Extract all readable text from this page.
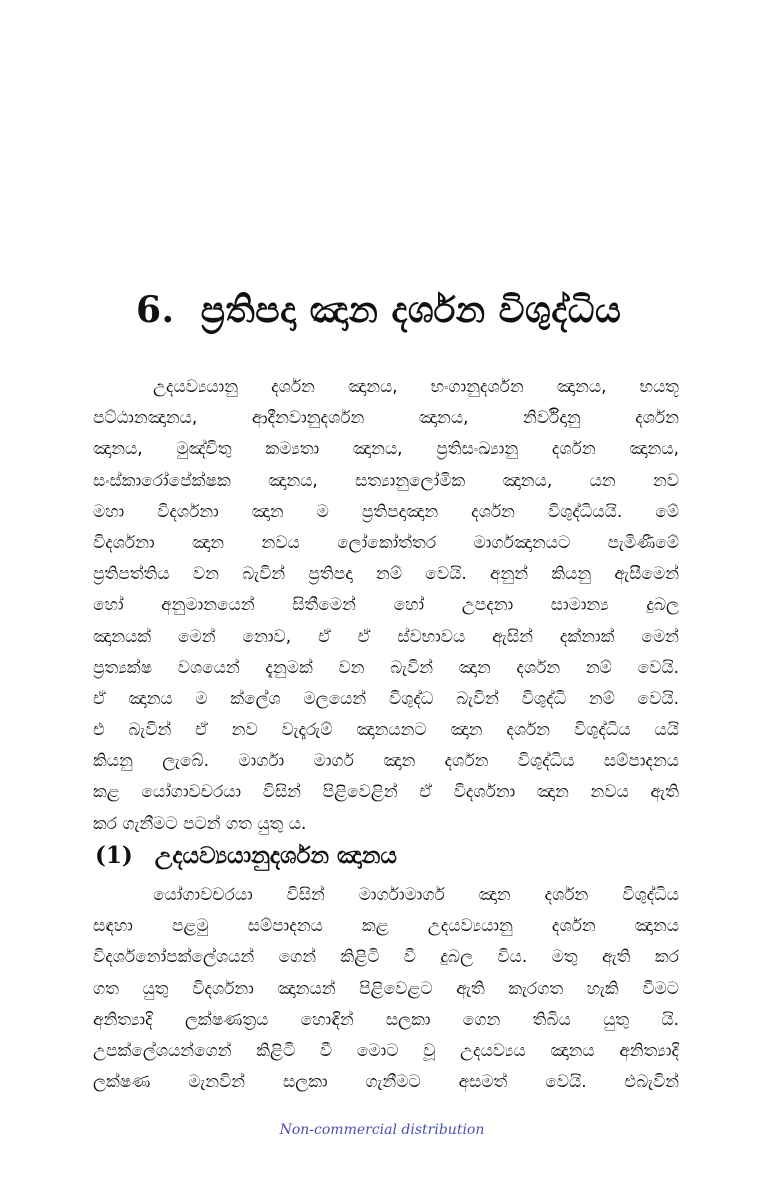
6. ප්‍රතිපදා ඤාන දර්ශන විශුද්ධිය
උදයව්‍යයානු දර්ශන ඤානය, භංගානුදර්ශන ඤානය, භයතූ
පට්ඨානඤානය, ආදීනවානුදර්ශන ඤානය, නිර්විදානු දර්ශන
ඤානය, මුඤ්චිතු කම්‍යතා ඤානය, ප්‍රතිසංඛ්‍යානු දර්ශන ඤානය,
සංස්කාරෝපේක්ෂක ඤානය, සත්‍යානුලෝමික ඤානය, යන නව
මහා විදර්ශනා ඤාන ම ප්‍රතිපදාඤාන දර්ශන විශුද්ධියයි. මේ
විදර්ශනා ඤාන නවය ලෝකෝත්තර මාර්ගඤානයට පැමිණීමේ
ප්‍රතිපත්තිය වන බැවින් ප්‍රතිපදා නම් වෙයි. අනුන් කියනු ඇසීමෙන්
හෝ අනුමානයෙන් සිතීමෙන් හෝ උපදනා සාමාන්‍ය දුබල
ඤානයක් මෙන් නොව, ඒ ඒ ස්වභාවය ඇසින් දක්නාක් මෙන්
ප්‍රත්‍යක්ෂ වශයෙන් දැනුමක් වන බැවින් ඤාන දර්ශන නම් වෙයි.
ඒ ඤානය ම ක්ලේශ මලයෙන් විශුද්ධ බැවින් විශුද්ධි නම් වෙයි.
එ බැවින් ඒ නව වැදෑරුම් ඤානයනට ඤාන දර්ශන විශුද්ධිය යයි
කියනු ලැබේ. මාර්ගා මාර්ග ඤාන දර්ශන විශුද්ධිය සම්පාදනය
කළ යෝගාවචරයා විසින් පිළිවෙළින් ඒ විදර්ශනා ඤාන නවය ඇති
කර ගැනීමට පටන් ගත යුතු ය.
(1) උදයව්‍යයානුදර්ශන ඤානය
යෝගාවචරයා විසින් මාර්ගාමාර්ග ඤාන දර්ශන විශුද්ධිය
සඳහා පළමු සම්පාදනය කළ උදයව්‍යයානු දර්ශන ඤානය
විදර්ශනෝපක්ලේශයන් ගෙන් කිළිටි වී දුබල විය. මතු ඇති කර
ගත යුතු විදර්ශනා ඤානයන් පිළිවෙළට ඇති කැරගත හැකි වීමට
අනිත්‍යාදි ලක්ෂණත්‍රය හොඳින් සලකා ගෙන තිබිය යුතු යි.
උපක්ලේශයන්ගෙන් කිළිටි වී මොට වූ උදයව්‍යය ඤානය අනිත්‍යාදි
ලක්ෂණ මැනවින් සලකා ගැනීමට අසමත් වෙයි. එබැවින්
Non-commercial distribution
